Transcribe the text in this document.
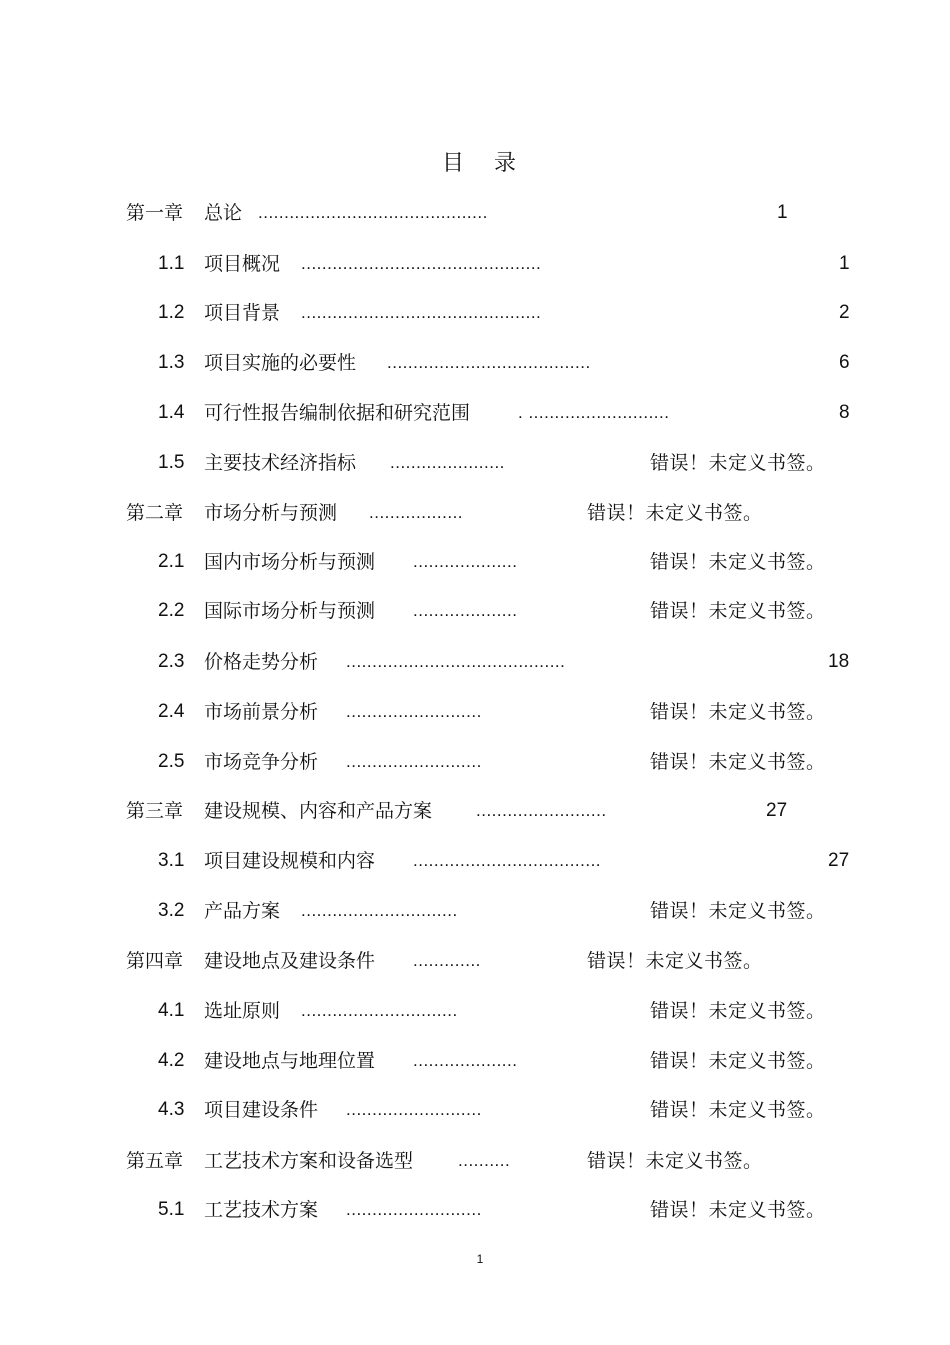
目 录
第一章 总论 ............................................	1
1.1 项目概况 ..............................................	1
1.2 项目背景 ..............................................	2
1.3 项目实施的必要性 .......................................	6
1.4 可行性报告编制依据和研究范围	. ...........................	8
1.5 主要技术经济指标 ......................	错误！未定义书签。
第二章 市场分析与预测 ..................	错误！未定义书签。
2.1 国内市场分析与预测 ....................	错误！未定义书签。
2.2 国际市场分析与预测 ....................	错误！未定义书签。
2.3 价格走势分析 ..........................................	18
2.4 市场前景分析 ..........................	错误！未定义书签。
2.5 市场竞争分析 ..........................	错误！未定义书签。
第三章 建设规模、内容和产品方案	.........................	27
3.1 项目建设规模和内容 ....................................	27
3.2 产品方案 ..............................	错误！未定义书签。
第四章 建设地点及建设条件 .............	错误！未定义书签。
4.1 选址原则 ..............................	错误！未定义书签。
4.2 建设地点与地理位置 ....................	错误！未定义书签。
4.3 项目建设条件 ..........................	错误！未定义书签。
第五章 工艺技术方案和设备选型	..........	错误！未定义书签。
5.1 工艺技术方案 ..........................	错误！未定义书签。
1
